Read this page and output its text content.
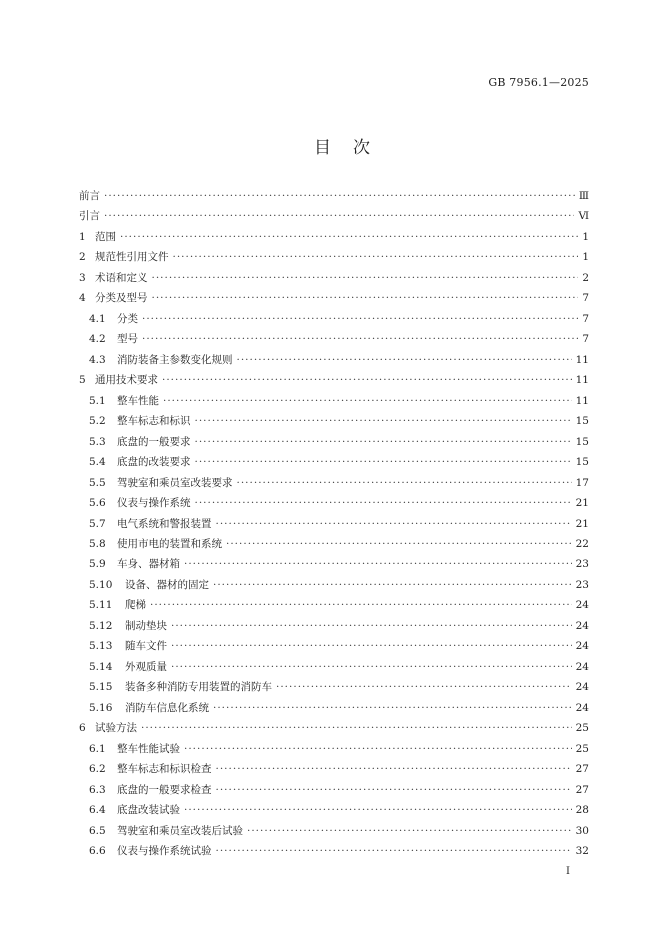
GB 7956.1—2025
目次
前言 ·····	Ⅲ
引言 ·····	Ⅵ
1 范围 ·····	1
2 规范性引用文件 ·····	1
3 术语和定义 ·····	2
4 分类及型号 ·····	7
4.1	分类 ·····	7
4.2	型号 ·····	7
4.3	消防装备主参数变化规则 ·····	11
5 通用技术要求 ·····	11
5.1	整车性能 ·····	11
5.2	整车标志和标识 ·····	15
5.3	底盘的一般要求 ·····	15
5.4	底盘的改装要求 ·····	15
5.5	驾驶室和乘员室改装要求 ·····	17
5.6	仪表与操作系统 ·····	21
5.7	电气系统和警报装置 ·····	21
5.8	使用市电的装置和系统 ·····	22
5.9	车身、器材箱 ·····	23
5.10	设备、器材的固定 ·····	23
5.11	爬梯 ·····	24
5.12	制动垫块 ·····	24
5.13	随车文件 ·····	24
5.14	外观质量 ·····	24
5.15	装备多种消防专用装置的消防车 ·····	24
5.16	消防车信息化系统 ·····	24
6 试验方法 ·····	25
6.1	整车性能试验 ·····	25
6.2	整车标志和标识检查 ·····	27
6.3	底盘的一般要求检查 ·····	27
6.4	底盘改装试验 ·····	28
6.5	驾驶室和乘员室改装后试验 ·····	30
6.6	仪表与操作系统试验 ·····	32
I
